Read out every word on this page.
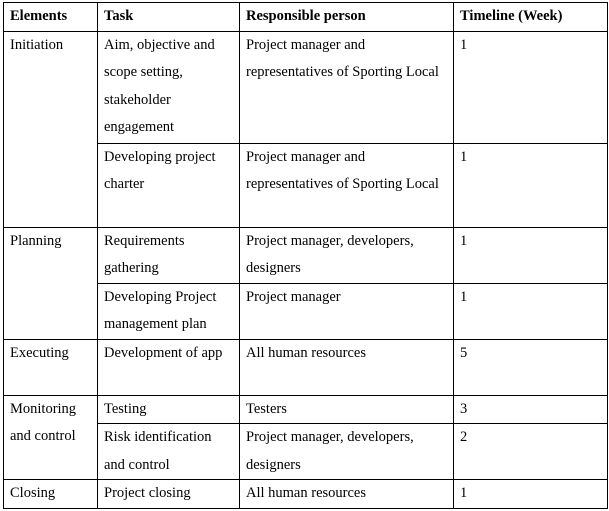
Elements	Task	Responsible person	Timeline (Week)
Initiation	Aim, objective and scope setting, stakeholder engagement	Project manager and representatives of Sporting Local	1
	Developing project charter	Project manager and representatives of Sporting Local	1
Planning	Requirements gathering	Project manager, developers, designers	1
	Developing Project management plan	Project manager	1
Executing	Development of app	All human resources	5
Monitoring and control	Testing	Testers	3
	Risk identification and control	Project manager, developers, designers	2
Closing	Project closing	All human resources	1
